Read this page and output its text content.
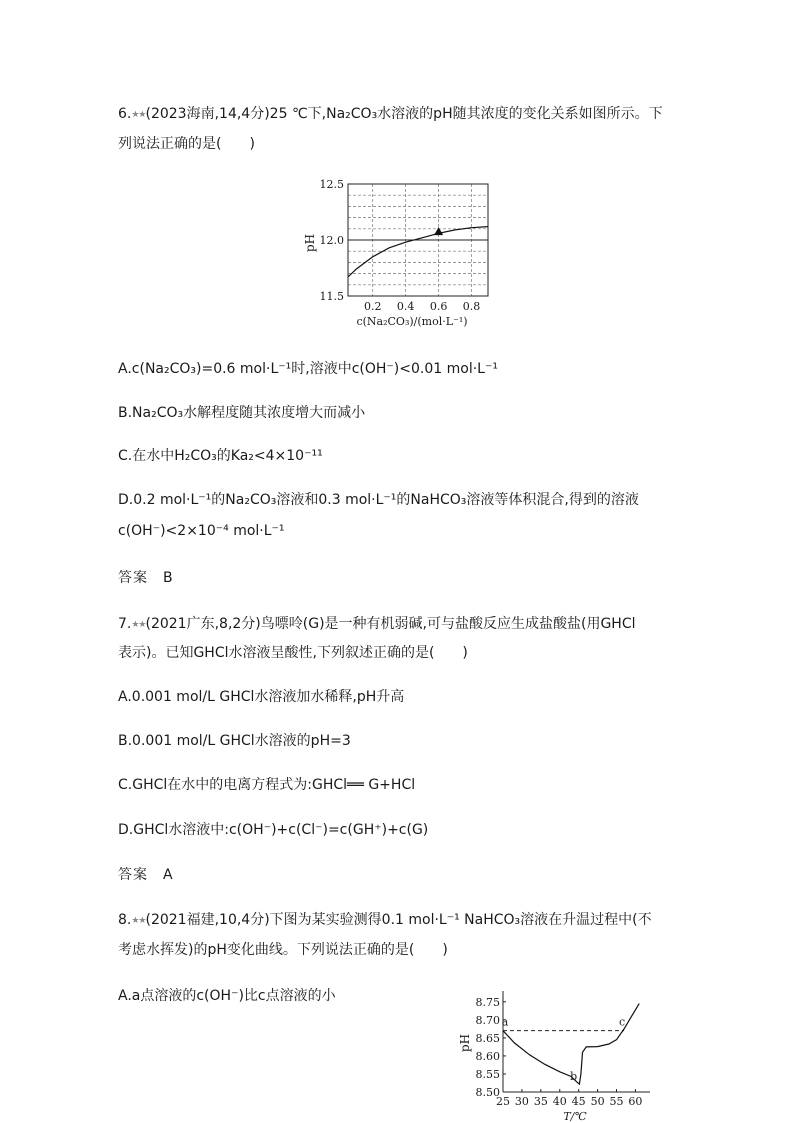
6.★★(2023海南,14,4分)25 ℃下,Na₂CO₃水溶液的pH随其浓度的变化关系如图所示。下
列说法正确的是(　　)
11.5
12.0
12.5
0.2 0.4 0.6 0.8
pH
c(Na₂CO₃)/(mol·L⁻¹)
A.c(Na₂CO₃)=0.6 mol·L⁻¹时,溶液中c(OH⁻)<0.01 mol·L⁻¹
B.Na₂CO₃水解程度随其浓度增大而减小
C.在水中H₂CO₃的Ka₂<4×10⁻¹¹
D.0.2 mol·L⁻¹的Na₂CO₃溶液和0.3 mol·L⁻¹的NaHCO₃溶液等体积混合,得到的溶液
c(OH⁻)<2×10⁻⁴ mol·L⁻¹
答案　B
7.★★(2021广东,8,2分)鸟嘌呤(G)是一种有机弱碱,可与盐酸反应生成盐酸盐(用GHCl
表示)。已知GHCl水溶液呈酸性,下列叙述正确的是(　　)
A.0.001 mol/L GHCl水溶液加水稀释,pH升高
B.0.001 mol/L GHCl水溶液的pH=3
C.GHCl在水中的电离方程式为:GHCl══ G+HCl
D.GHCl水溶液中:c(OH⁻)+c(Cl⁻)=c(GH⁺)+c(G)
答案　A
8.★★(2021福建,10,4分)下图为某实验测得0.1 mol·L⁻¹ NaHCO₃溶液在升温过程中(不
考虑水挥发)的pH变化曲线。下列说法正确的是(　　)
A.a点溶液的c(OH⁻)比c点溶液的小
8.50
8.55
8.60
8.65
8.70
8.75
25 30 35 40 45 50 55 60
a
b
c
pH
T/℃
